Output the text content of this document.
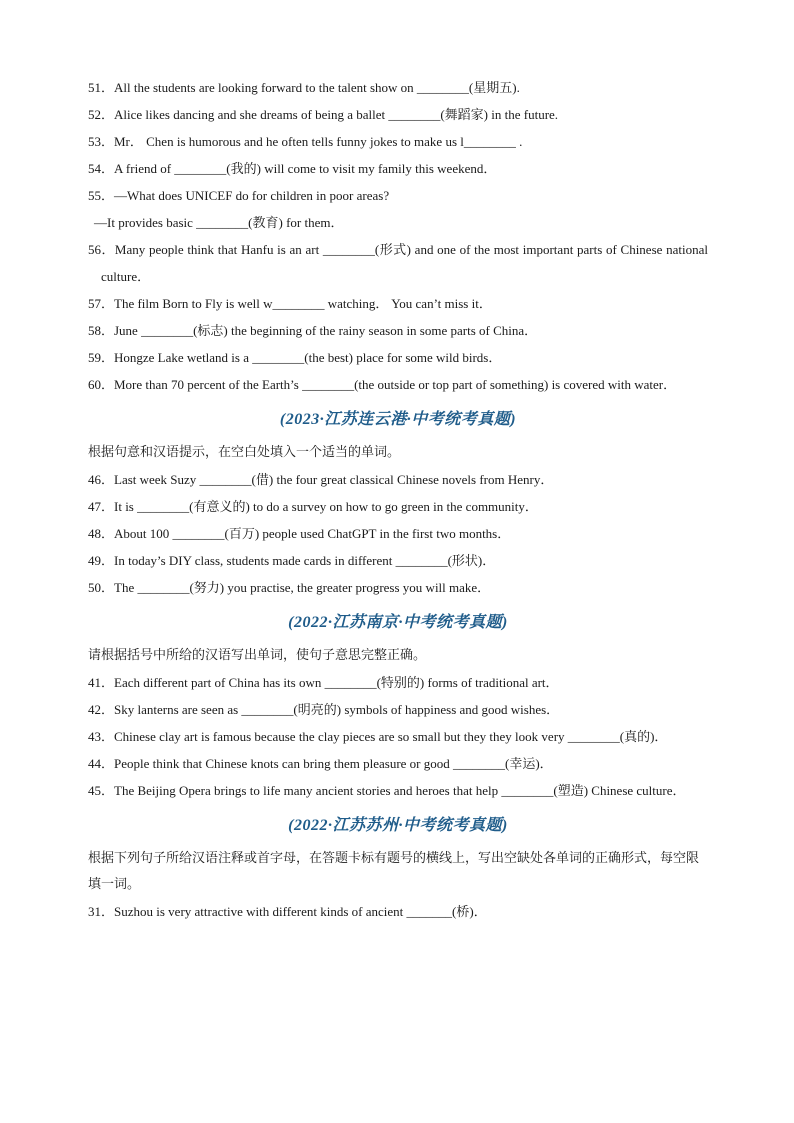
51．All the students are looking forward to the talent show on ________(星期五).
52．Alice likes dancing and she dreams of being a ballet ________(舞蹈家) in the future.
53．Mr． Chen is humorous and he often tells funny jokes to make us l________ .
54．A friend of ________(我的) will come to visit my family this weekend．
55．—What does UNICEF do for children in poor areas?
—It provides basic ________(教育) for them．
56．Many people think that Hanfu is an art ________(形式) and one of the most important parts of Chinese national culture．
57．The film Born to Fly is well w________ watching． You can’t miss it．
58．June ________(标志) the beginning of the rainy season in some parts of China．
59．Hongze Lake wetland is a ________(the best) place for some wild birds．
60．More than 70 percent of the Earth’s ________(the outside or top part of something) is covered with water．
(2023·江苏连云港·中考统考真题)
根据句意和汉语提示，在空白处填入一个适当的单词。
46．Last week Suzy ________(借) the four great classical Chinese novels from Henry．
47．It is ________(有意义的) to do a survey on how to go green in the community．
48．About 100 ________(百万) people used ChatGPT in the first two months．
49．In today’s DIY class, students made cards in different ________(形状)．
50．The ________(努力) you practise, the greater progress you will make．
(2022·江苏南京·中考统考真题)
请根据括号中所给的汉语写出单词，使句子意思完整正确。
41．Each different part of China has its own ________(特别的) forms of traditional art．
42．Sky lanterns are seen as ________(明亮的) symbols of happiness and good wishes．
43．Chinese clay art is famous because the clay pieces are so small but they they look very ________(真的)．
44．People think that Chinese knots can bring them pleasure or good ________(幸运)．
45．The Beijing Opera brings to life many ancient stories and heroes that help ________(塑造) Chinese culture．
(2022·江苏苏州·中考统考真题)
根据下列句子所给汉语注释或首字母，在答题卡标有题号的横线上，写出空缺处各单词的正确形式，每空限填一词。
31．Suzhou is very attractive with different kinds of ancient _______(桥)．
